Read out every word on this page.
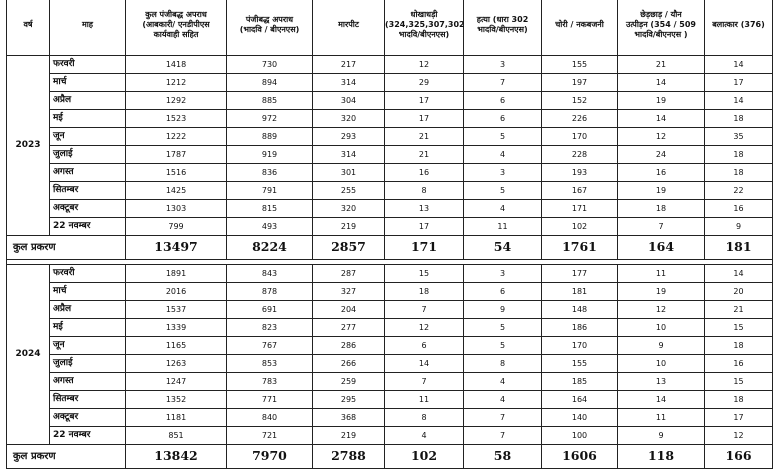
वर्ष	माह	कुल पंजीबद्ध अपराध
(आबकारी/ एनडीपीएस
कार्यवाही सहित	पंजीबद्ध अपराध
(भादवि / बीएनएस)	मारपीट	धोखाधड़ी
(324,325,307,302
भादवि/बीएनएस)	हत्या (धारा 302
भादवि/बीएनएस)	चोरी / नकबजनी	छेड़छाड़ / यौन
उत्पीड़न (354 / 509
भादवि/बीएनएस )	बलात्कार (376)

2023	फरवरी	1418	730	217	12	3	155	21	14
	मार्च	1212	894	314	29	7	197	14	17
	अप्रैल	1292	885	304	17	6	152	19	14
	मई	1523	972	320	17	6	226	14	18
	जून	1222	889	293	21	5	170	12	35
	जुलाई	1787	919	314	21	4	228	24	18
	अगस्त	1516	836	301	16	3	193	16	18
	सितम्बर	1425	791	255	8	5	167	19	22
	अक्टूबर	1303	815	320	13	4	171	18	16
	22 नवम्बर	799	493	219	17	11	102	7	9
कुल प्रकरण		13497	8224	2857	171	54	1761	164	181

2024	फरवरी	1891	843	287	15	3	177	11	14
	मार्च	2016	878	327	18	6	181	19	20
	अप्रैल	1537	691	204	7	9	148	12	21
	मई	1339	823	277	12	5	186	10	15
	जून	1165	767	286	6	5	170	9	18
	जुलाई	1263	853	266	14	8	155	10	16
	अगस्त	1247	783	259	7	4	185	13	15
	सितम्बर	1352	771	295	11	4	164	14	18
	अक्टूबर	1181	840	368	8	7	140	11	17
	22 नवम्बर	851	721	219	4	7	100	9	12
कुल प्रकरण		13842	7970	2788	102	58	1606	118	166
